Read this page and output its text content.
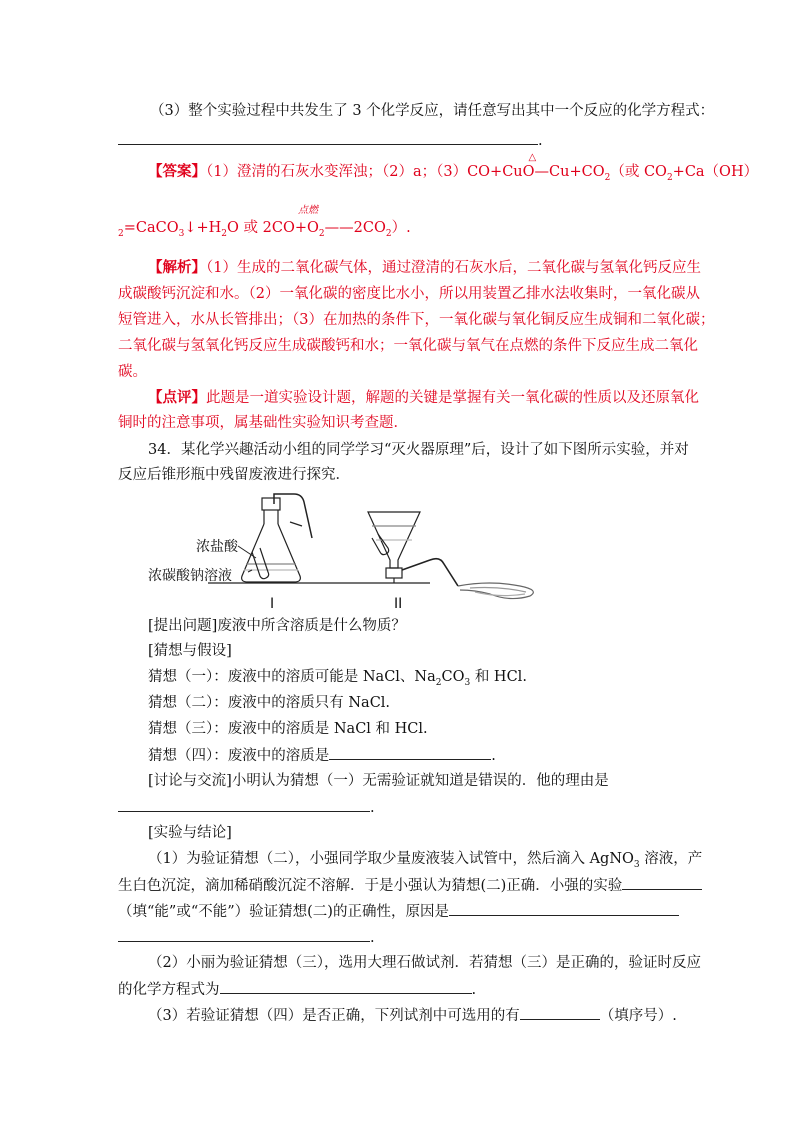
（3）整个实验过程中共发生了 3 个化学反应，请任意写出其中一个反应的化学方程式：
.
【答案】（1）澄清的石灰水变浑浊；（2）a；（3）CO+CuO
△
$—Cu+CO_2$（或 $CO_2+Ca(OH)$
点燃
$_2=CaCO_3↓+H_2O$ 或 $2CO+O_2——2CO_2$）.
【解析】（1）生成的二氧化碳气体，通过澄清的石灰水后，二氧化碳与氢氧化钙反应生
成碳酸钙沉淀和水。（2）一氧化碳的密度比水小，所以用装置乙排水法收集时，一氧化碳从
短管进入，水从长管排出；（3）在加热的条件下，一氧化碳与氧化铜反应生成铜和二氧化碳；
二氧化碳与氢氧化钙反应生成碳酸钙和水；一氧化碳与氧气在点燃的条件下反应生成二氧化
碳。
【点评】此题是一道实验设计题，解题的关键是掌握有关一氧化碳的性质以及还原氧化
铜时的注意事项，属基础性实验知识考查题．
34．某化学兴趣活动小组的同学学习“灭火器原理”后，设计了如下图所示实验，并对
反应后锥形瓶中残留废液进行探究．
浓盐酸
浓碳酸钠溶液
I	II
[提出问题]废液中所含溶质是什么物质？
[猜想与假设]
猜想（一）：废液中的溶质可能是 NaCl、$Na_2CO_3$ 和 HCl.
猜想（二）：废液中的溶质只有 NaCl.
猜想（三）：废液中的溶质是 NaCl 和 HCl.
猜想（四）：废液中的溶质是	.
[讨论与交流]小明认为猜想（一）无需验证就知道是错误的．他的理由是
.
[实验与结论]
（1）为验证猜想（二），小强同学取少量废液装入试管中，然后滴入 AgNO$_3$ 溶液，产
生白色沉淀，滴加稀硝酸沉淀不溶解．于是小强认为猜想(二)正确．小强的实验
（填“能”或“不能”）验证猜想(二)的正确性，原因是
.
（2）小丽为验证猜想（三），选用大理石做试剂．若猜想（三）是正确的，验证时反应
的化学方程式为	.
（3）若验证猜想（四）是否正确，下列试剂中可选用的有	（填序号）.
